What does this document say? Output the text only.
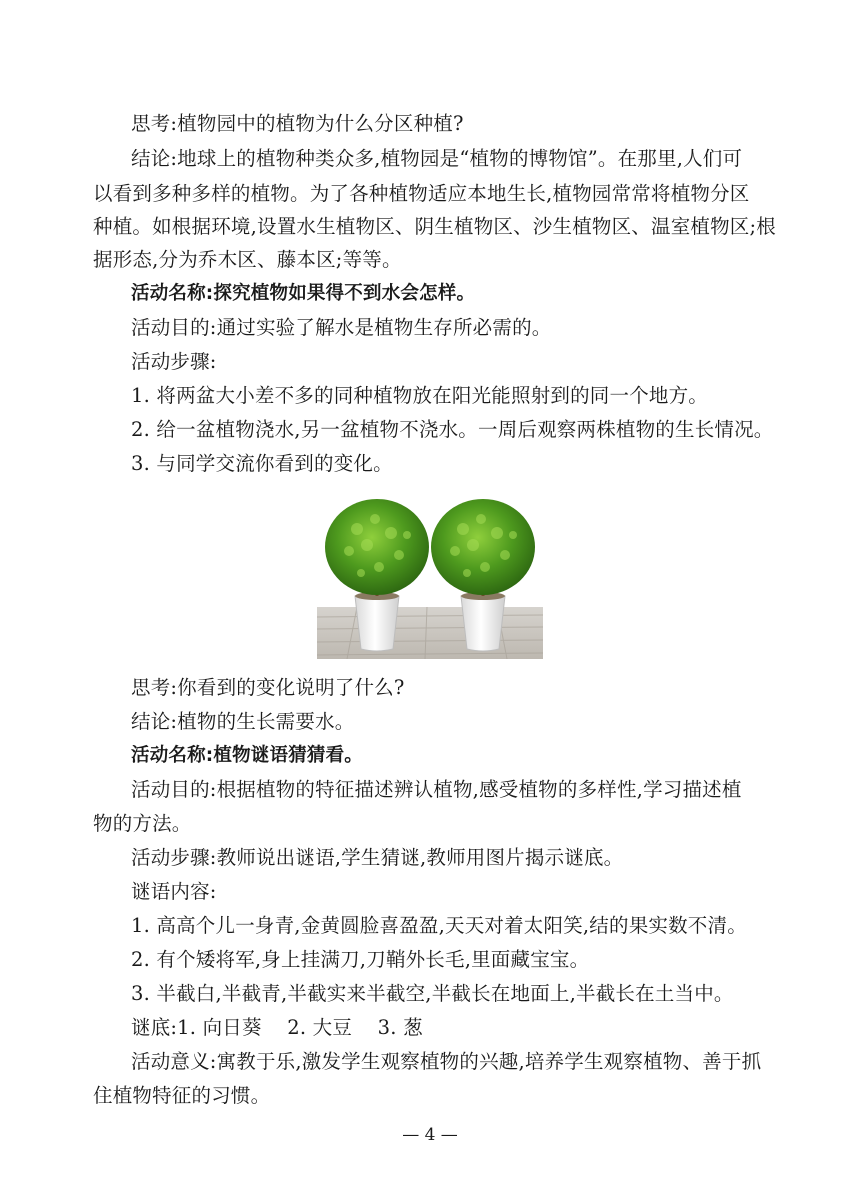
思考:植物园中的植物为什么分区种植?
结论:地球上的植物种类众多,植物园是“植物的博物馆”。在那里,人们可
以看到多种多样的植物。为了各种植物适应本地生长,植物园常常将植物分区
种植。如根据环境,设置水生植物区、阴生植物区、沙生植物区、温室植物区;根
据形态,分为乔木区、藤本区;等等。
活动名称:探究植物如果得不到水会怎样。
活动目的:通过实验了解水是植物生存所必需的。
活动步骤:
1. 将两盆大小差不多的同种植物放在阳光能照射到的同一个地方。
2. 给一盆植物浇水,另一盆植物不浇水。一周后观察两株植物的生长情况。
3. 与同学交流你看到的变化。
思考:你看到的变化说明了什么?
结论:植物的生长需要水。
活动名称:植物谜语猜猜看。
活动目的:根据植物的特征描述辨认植物,感受植物的多样性,学习描述植
物的方法。
活动步骤:教师说出谜语,学生猜谜,教师用图片揭示谜底。
谜语内容:
1. 高高个儿一身青,金黄圆脸喜盈盈,天天对着太阳笑,结的果实数不清。
2. 有个矮将军,身上挂满刀,刀鞘外长毛,里面藏宝宝。
3. 半截白,半截青,半截实来半截空,半截长在地面上,半截长在土当中。
谜底:1. 向日葵    2. 大豆    3. 葱
活动意义:寓教于乐,激发学生观察植物的兴趣,培养学生观察植物、善于抓
住植物特征的习惯。
— 4 —
